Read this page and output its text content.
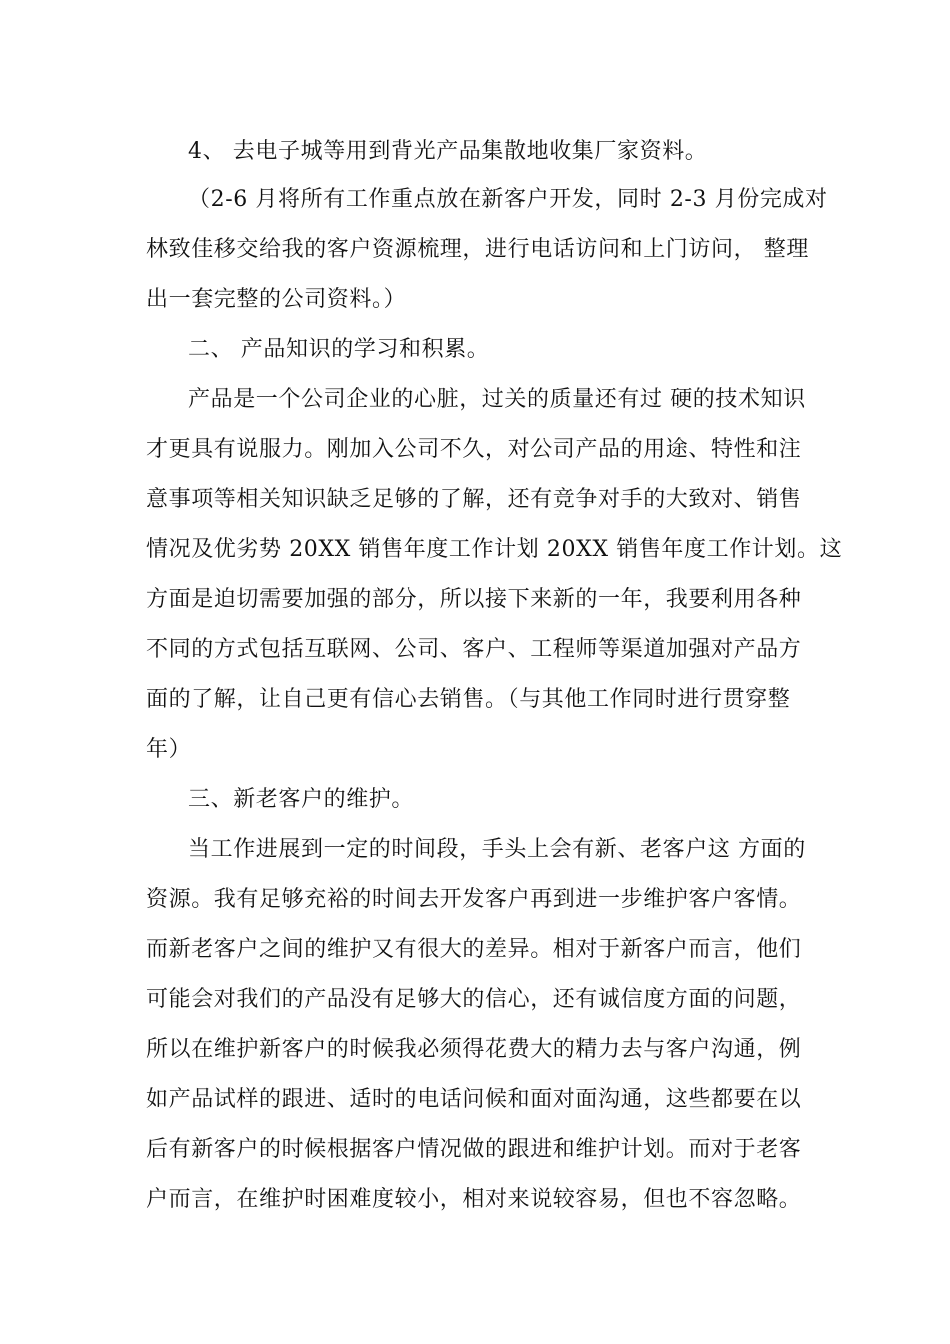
4、 去电子城等用到背光产品集散地收集厂家资料。
（2-6 月将所有工作重点放在新客户开发，同时 2-3 月份完成对
林致佳移交给我的客户资源梳理，进行电话访问和上门访问， 整理
出一套完整的公司资料。）
二、 产品知识的学习和积累。
产品是一个公司企业的心脏，过关的质量还有过 硬的技术知识
才更具有说服力。刚加入公司不久，对公司产品的用途、特性和注
意事项等相关知识缺乏足够的了解，还有竞争对手的大致对、销售
情况及优劣势 20XX 销售年度工作计划 20XX 销售年度工作计划。这
方面是迫切需要加强的部分，所以接下来新的一年，我要利用各种
不同的方式包括互联网、公司、客户、工程师等渠道加强对产品方
面的了解，让自己更有信心去销售。（与其他工作同时进行贯穿整
年）
三、新老客户的维护。
当工作进展到一定的时间段，手头上会有新、老客户这 方面的
资源。我有足够充裕的时间去开发客户再到进一步维护客户客情。
而新老客户之间的维护又有很大的差异。相对于新客户而言，他们
可能会对我们的产品没有足够大的信心，还有诚信度方面的问题，
所以在维护新客户的时候我必须得花费大的精力去与客户沟通，例
如产品试样的跟进、适时的电话问候和面对面沟通，这些都要在以
后有新客户的时候根据客户情况做的跟进和维护计划。而对于老客
户而言，在维护时困难度较小，相对来说较容易，但也不容忽略。
